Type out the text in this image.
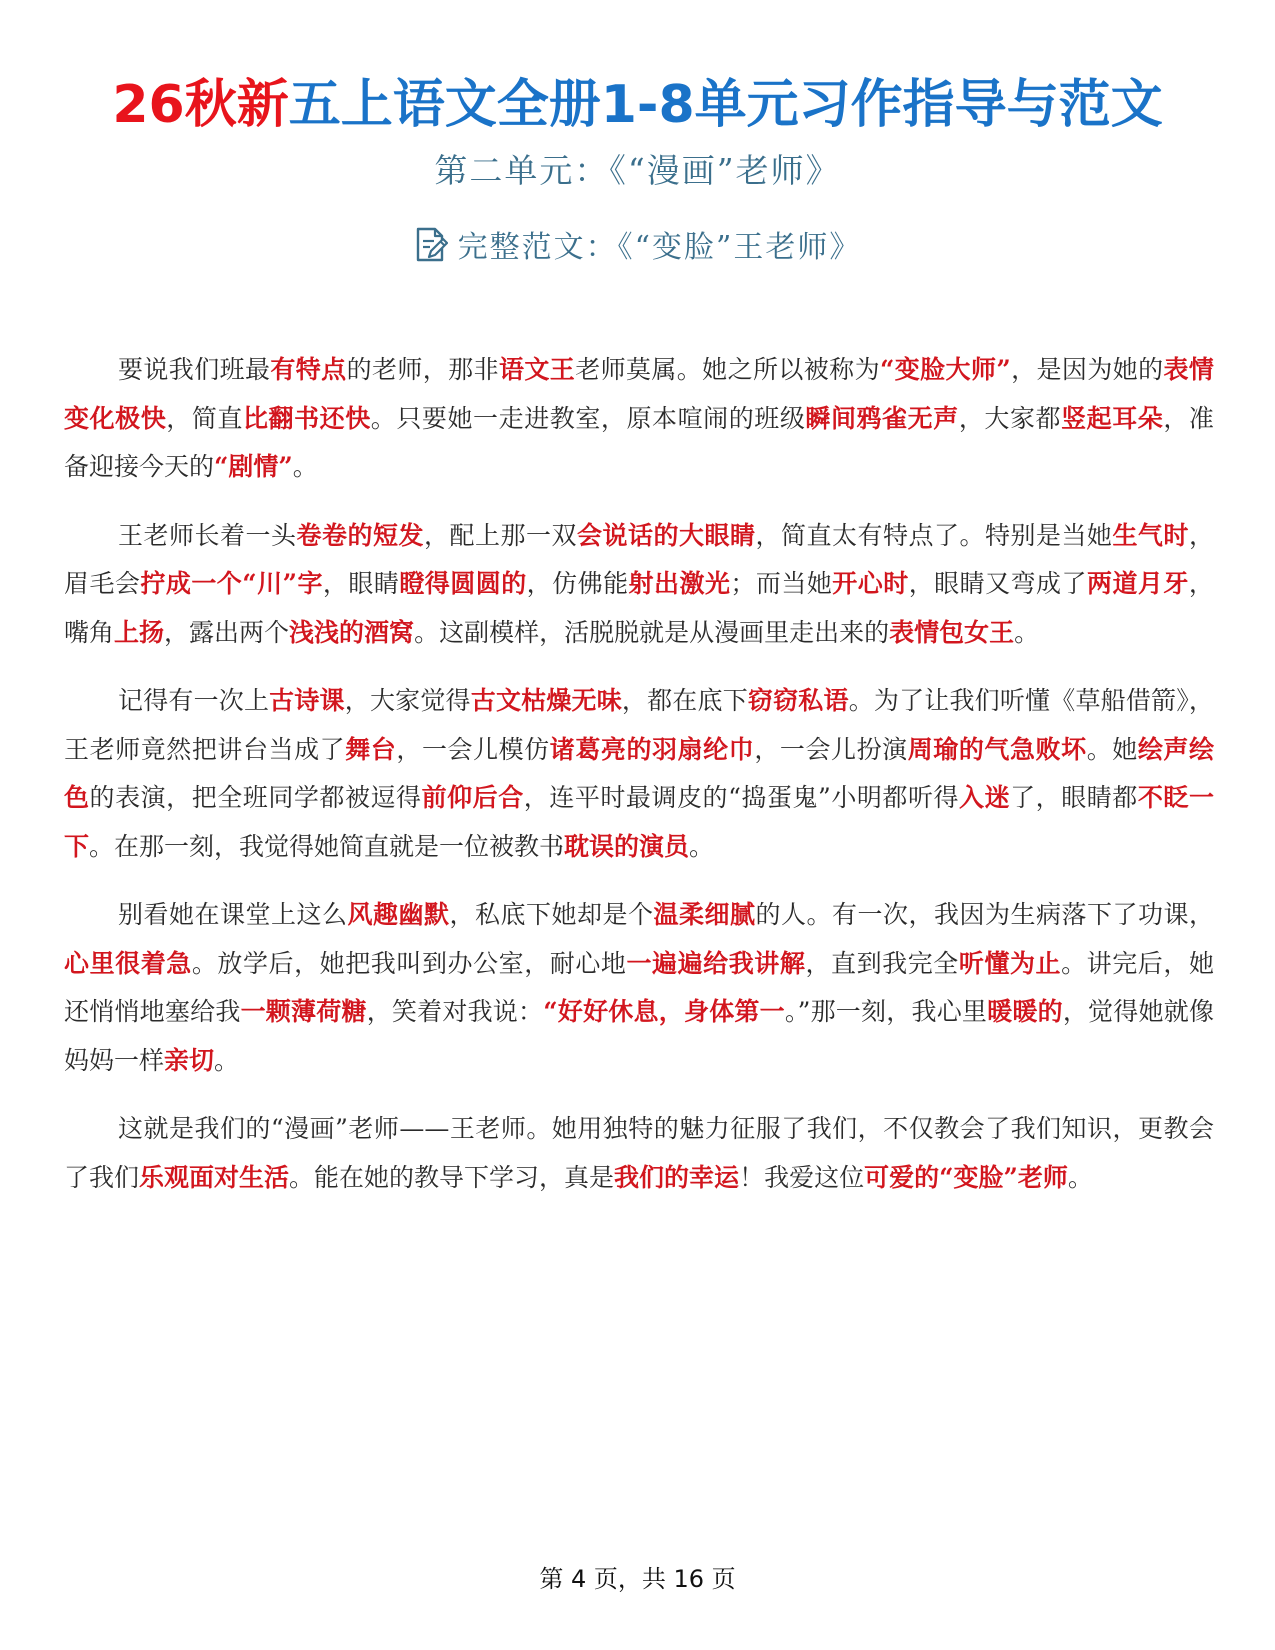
26秋新五上语文全册1-8单元习作指导与范文
第二单元：《“漫画”老师》
完整范文：《“变脸”王老师》

要说我们班最有特点的老师，那非语文王老师莫属。她之所以被称为“变脸大师”，是因为她的表情变化极快，简直比翻书还快。只要她一走进教室，原本喧闹的班级瞬间鸦雀无声，大家都竖起耳朵，准备迎接今天的“剧情”。

王老师长着一头卷卷的短发，配上那一双会说话的大眼睛，简直太有特点了。特别是当她生气时，眉毛会拧成一个“川”字，眼睛瞪得圆圆的，仿佛能射出激光；而当她开心时，眼睛又弯成了两道月牙，嘴角上扬，露出两个浅浅的酒窝。这副模样，活脱脱就是从漫画里走出来的表情包女王。

记得有一次上古诗课，大家觉得古文枯燥无味，都在底下窃窃私语。为了让我们听懂《草船借箭》，王老师竟然把讲台当成了舞台，一会儿模仿诸葛亮的羽扇纶巾，一会儿扮演周瑜的气急败坏。她绘声绘色的表演，把全班同学都被逗得前仰后合，连平时最调皮的“捣蛋鬼”小明都听得入迷了，眼睛都不眨一下。在那一刻，我觉得她简直就是一位被教书耽误的演员。

别看她在课堂上这么风趣幽默，私底下她却是个温柔细腻的人。有一次，我因为生病落下了功课，心里很着急。放学后，她把我叫到办公室，耐心地一遍遍给我讲解，直到我完全听懂为止。讲完后，她还悄悄地塞给我一颗薄荷糖，笑着对我说：“好好休息，身体第一。”那一刻，我心里暖暖的，觉得她就像妈妈一样亲切。

这就是我们的“漫画”老师——王老师。她用独特的魅力征服了我们，不仅教会了我们知识，更教会了我们乐观面对生活。能在她的教导下学习，真是我们的幸运！我爱这位可爱的“变脸”老师。

第 4 页，共 16 页
